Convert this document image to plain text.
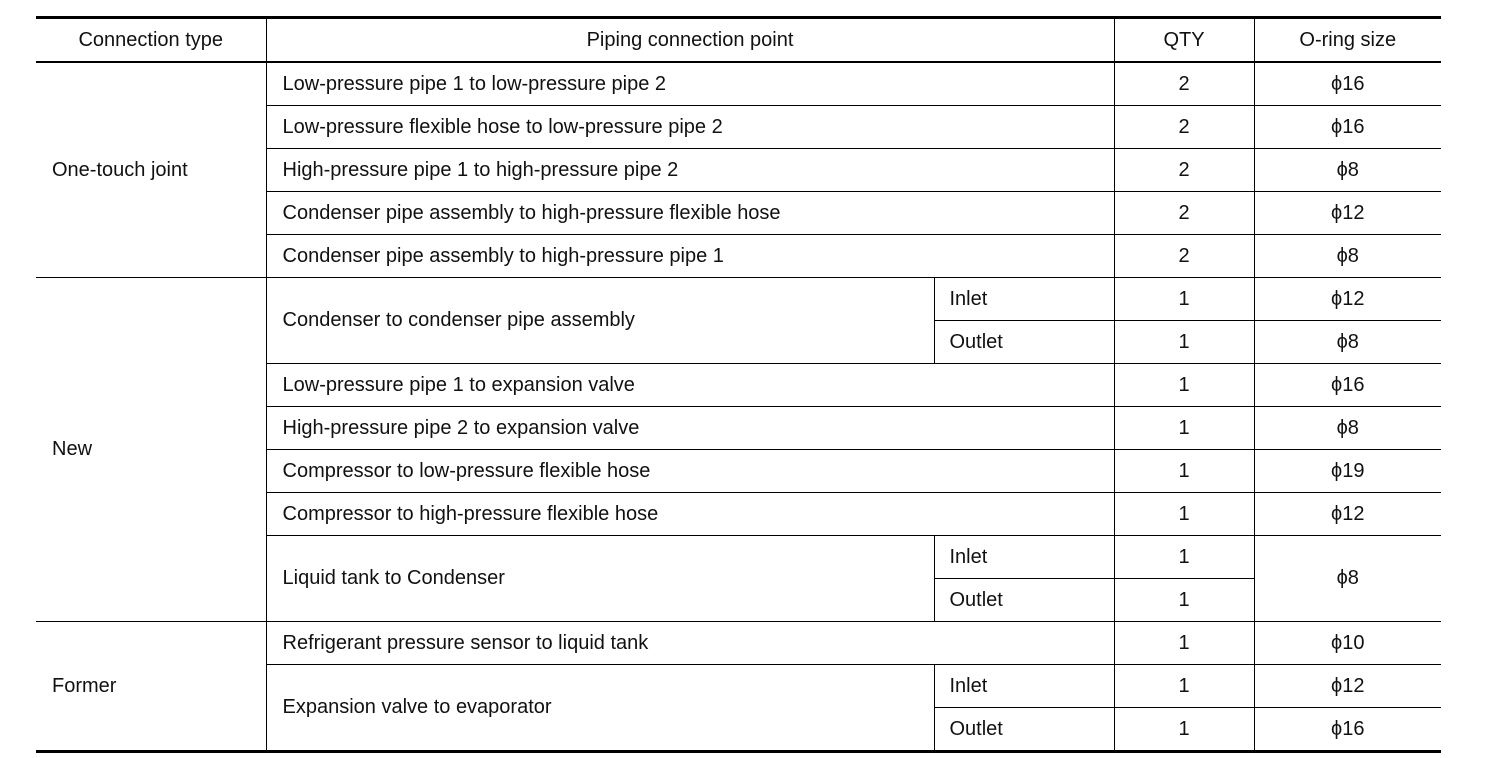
Connection type	Piping connection point		QTY	O-ring size
One-touch joint	Low-pressure pipe 1 to low-pressure pipe 2		2	ϕ16
	Low-pressure flexible hose to low-pressure pipe 2		2	ϕ16
	High-pressure pipe 1 to high-pressure pipe 2		2	ϕ8
	Condenser pipe assembly to high-pressure flexible hose		2	ϕ12
	Condenser pipe assembly to high-pressure pipe 1		2	ϕ8
New	Condenser to condenser pipe assembly	Inlet	1	ϕ12
		Outlet	1	ϕ8
	Low-pressure pipe 1 to expansion valve		1	ϕ16
	High-pressure pipe 2 to expansion valve		1	ϕ8
	Compressor to low-pressure flexible hose		1	ϕ19
	Compressor to high-pressure flexible hose		1	ϕ12
	Liquid tank to Condenser	Inlet	1	ϕ8
		Outlet	1	
Former	Refrigerant pressure sensor to liquid tank		1	ϕ10
	Expansion valve to evaporator	Inlet	1	ϕ12
		Outlet	1	ϕ16
